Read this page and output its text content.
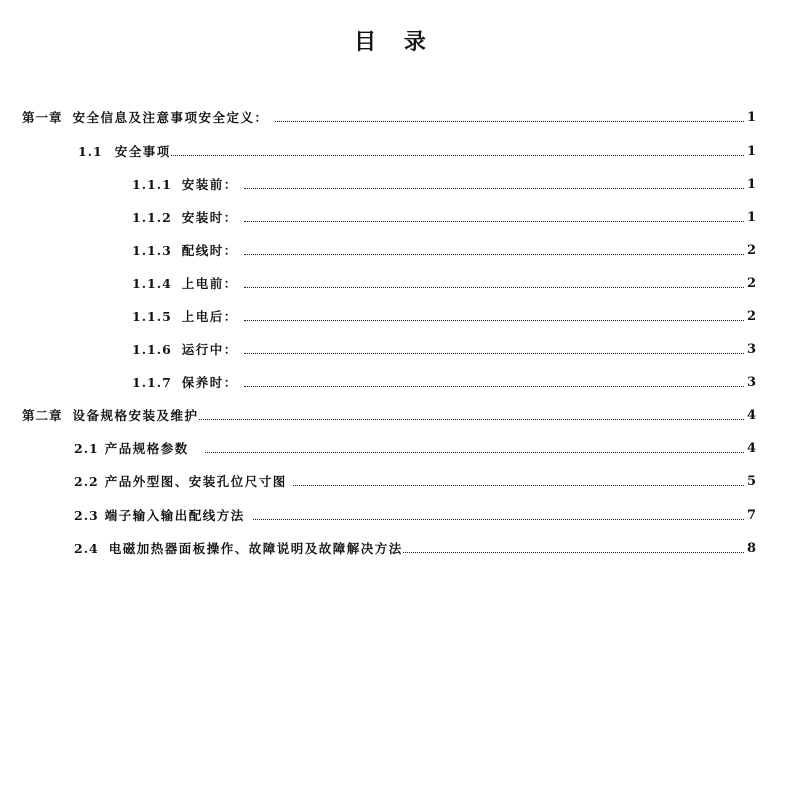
目 录
第一章 安全信息及注意事项安全定义：	1
1.1 安全事项	1
1.1.1 安装前：	1
1.1.2 安装时：	1
1.1.3 配线时：	2
1.1.4 上电前：	2
1.1.5 上电后：	2
1.1.6 运行中：	3
1.1.7 保养时：	3
第二章 设备规格安装及维护	4
2.1 产品规格参数	4
2.2 产品外型图、安装孔位尺寸图	5
2.3 端子输入输出配线方法	7
2.4 电磁加热器面板操作、故障说明及故障解决方法	8
